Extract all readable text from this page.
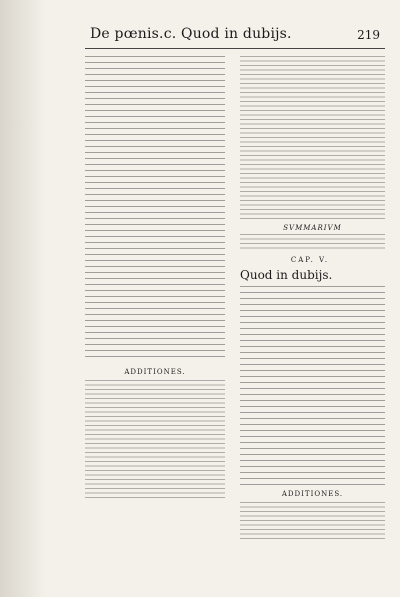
De pœnis.c. Quod in dubijs.	219
ADDITIONES.
SVMMARIVM
CAP. V.
Quod in dubijs.
ADDITIONES.
